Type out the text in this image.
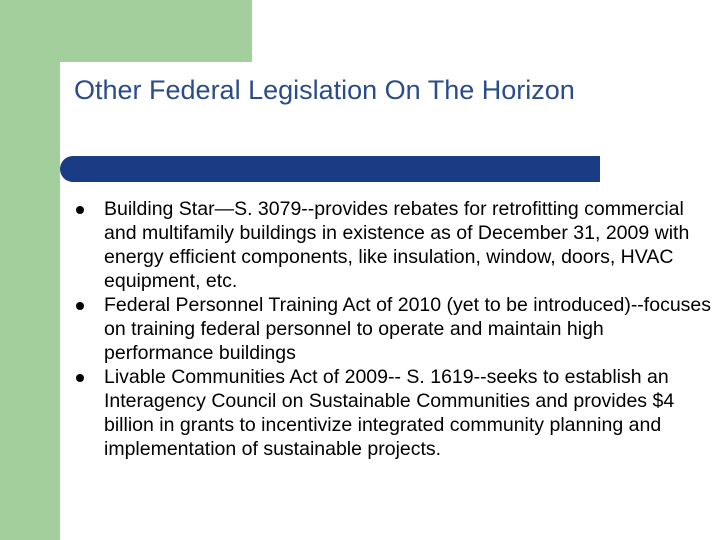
Other Federal Legislation On The Horizon
Building Star—S. 3079--provides rebates for retrofitting commercial and multifamily buildings in existence as of December 31, 2009 with energy efficient components, like insulation, window, doors, HVAC equipment, etc.
Federal Personnel Training Act of 2010 (yet to be introduced)--focuses on training federal personnel to operate and maintain high performance buildings
Livable Communities Act of 2009-- S. 1619--seeks to establish an Interagency Council on Sustainable Communities and provides $4 billion in grants to incentivize integrated community planning and implementation of sustainable projects.
